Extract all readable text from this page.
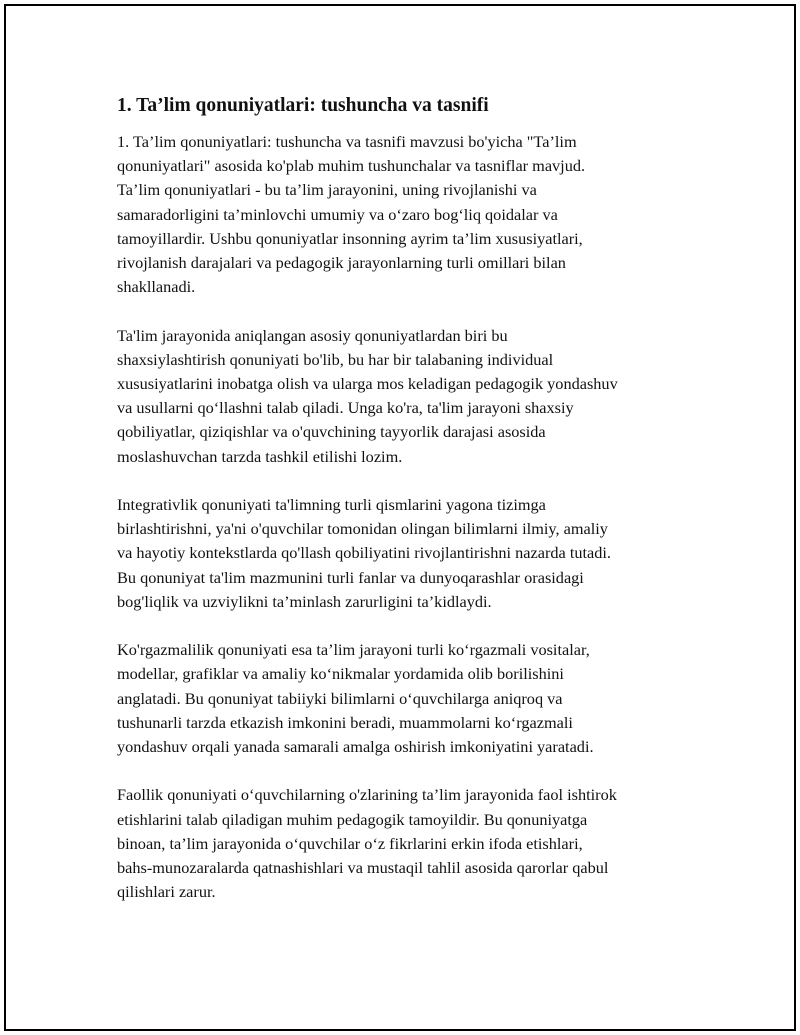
1. Ta’lim qonuniyatlari: tushuncha va tasnifi

1. Ta’lim qonuniyatlari: tushuncha va tasnifi mavzusi bo'yicha "Ta’lim
qonuniyatlari" asosida ko'plab muhim tushunchalar va tasniflar mavjud.
Ta’lim qonuniyatlari - bu ta’lim jarayonini, uning rivojlanishi va
samaradorligini ta’minlovchi umumiy va o‘zaro bog‘liq qoidalar va
tamoyillardir. Ushbu qonuniyatlar insonning ayrim ta’lim xususiyatlari,
rivojlanish darajalari va pedagogik jarayonlarning turli omillari bilan
shakllanadi.

Ta'lim jarayonida aniqlangan asosiy qonuniyatlardan biri bu
shaxsiylashtirish qonuniyati bo'lib, bu har bir talabaning individual
xususiyatlarini inobatga olish va ularga mos keladigan pedagogik yondashuv
va usullarni qo‘llashni talab qiladi. Unga ko'ra, ta'lim jarayoni shaxsiy
qobiliyatlar, qiziqishlar va o'quvchining tayyorlik darajasi asosida
moslashuvchan tarzda tashkil etilishi lozim.

Integrativlik qonuniyati ta'limning turli qismlarini yagona tizimga
birlashtirishni, ya'ni o'quvchilar tomonidan olingan bilimlarni ilmiy, amaliy
va hayotiy kontekstlarda qo'llash qobiliyatini rivojlantirishni nazarda tutadi.
Bu qonuniyat ta'lim mazmunini turli fanlar va dunyoqarashlar orasidagi
bog'liqlik va uzviylikni ta’minlash zarurligini ta’kidlaydi.

Ko'rgazmalilik qonuniyati esa ta’lim jarayoni turli ko‘rgazmali vositalar,
modellar, grafiklar va amaliy ko‘nikmalar yordamida olib borilishini
anglatadi. Bu qonuniyat tabiiyki bilimlarni o‘quvchilarga aniqroq va
tushunarli tarzda etkazish imkonini beradi, muammolarni ko‘rgazmali
yondashuv orqali yanada samarali amalga oshirish imkoniyatini yaratadi.

Faollik qonuniyati o‘quvchilarning o'zlarining ta’lim jarayonida faol ishtirok
etishlarini talab qiladigan muhim pedagogik tamoyildir. Bu qonuniyatga
binoan, ta’lim jarayonida o‘quvchilar o‘z fikrlarini erkin ifoda etishlari,
bahs-munozaralarda qatnashishlari va mustaqil tahlil asosida qarorlar qabul
qilishlari zarur.
